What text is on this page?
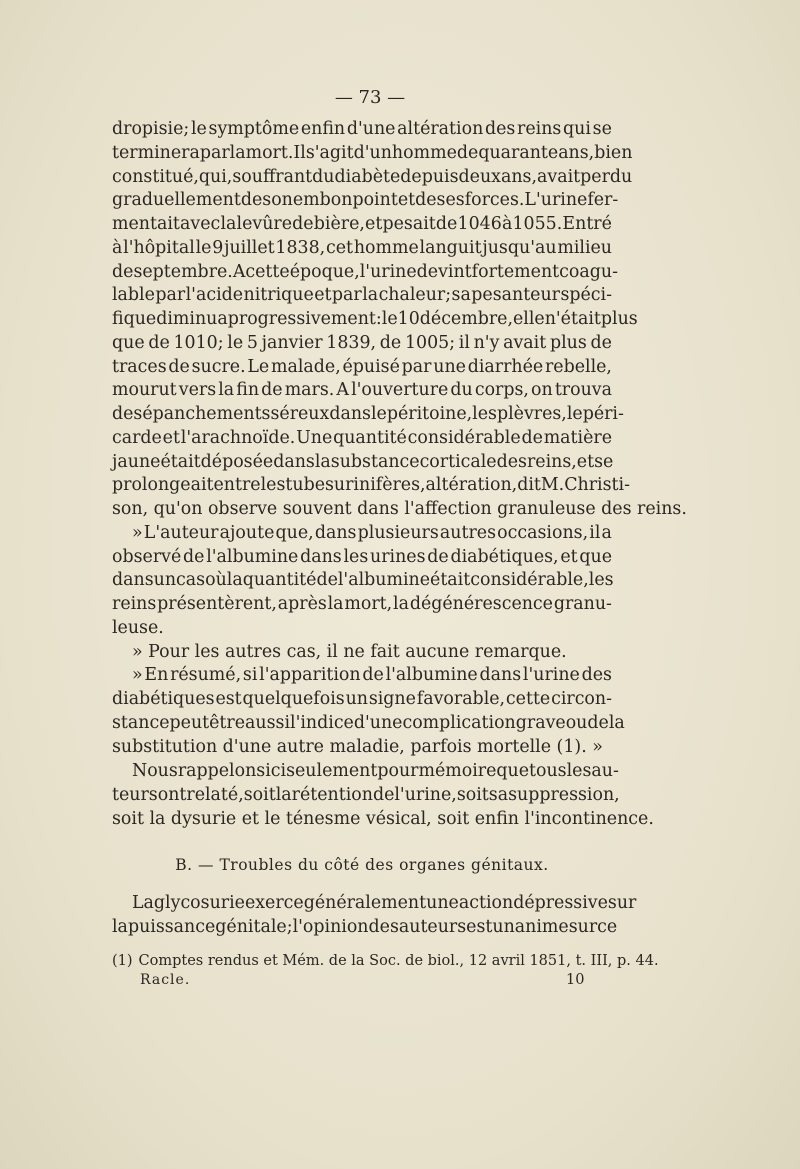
— 73 —
dropisie; le symptôme enfin d'une altération des reins qui se
terminera par la mort. Il s'agit d'un homme de quarante ans, bien
constitué, qui, souffrant du diabète depuis deux ans, avait perdu
graduellement de son embonpoint et de ses forces. L'urine fer-
mentait avec la levûre de bière, et pesait de 1046 à 1055. Entré
à l'hôpital le 9 juillet 1838, cet homme languit jusqu'au milieu
de septembre. A cette époque, l'urine devint fortement coagu-
lable par l'acide nitrique et par la chaleur; sa pesanteur spéci-
fique diminua progressivement : le 10 décembre, elle n'était plus
que de 1010; le 5 janvier 1839, de 1005; il n'y avait plus de
traces de sucre. Le malade, épuisé par une diarrhée rebelle,
mourut vers la fin de mars. A l'ouverture du corps, on trouva
des épanchements séreux dans le péritoine, les plèvres, le péri-
carde et l'arachnoïde. Une quantité considérable de matière
jaune était déposée dans la substance corticale des reins, et se
prolongeait entre les tubes urinifères, altération, dit M. Christi-
son, qu'on observe souvent dans l'affection granuleuse des reins.
» L'auteur ajoute que, dans plusieurs autres occasions, il a
observé de l'albumine dans les urines de diabétiques, et que
dans un cas où la quantité de l'albumine était considérable, les
reins présentèrent, après la mort, la dégénérescence granu-
leuse.
» Pour les autres cas, il ne fait aucune remarque.
» En résumé, si l'apparition de l'albumine dans l'urine des
diabétiques est quelquefois un signe favorable, cette circon-
stance peut être aussi l'indice d'une complication grave ou de la
substitution d'une autre maladie, parfois mortelle (1). »
Nous rappelons ici seulement pour mémoire que tous les au-
teurs ont relaté, soit la rétention de l'urine, soit sa suppression,
soit la dysurie et le ténesme vésical, soit enfin l'incontinence.
B. — Troubles du côté des organes génitaux.
La glycosurie exerce généralement une action dépressive sur
la puissance génitale; l'opinion des auteurs est unanime sur ce
(1) Comptes rendus et Mém. de la Soc. de biol., 12 avril 1851, t. III, p. 44.
Racle.	10
